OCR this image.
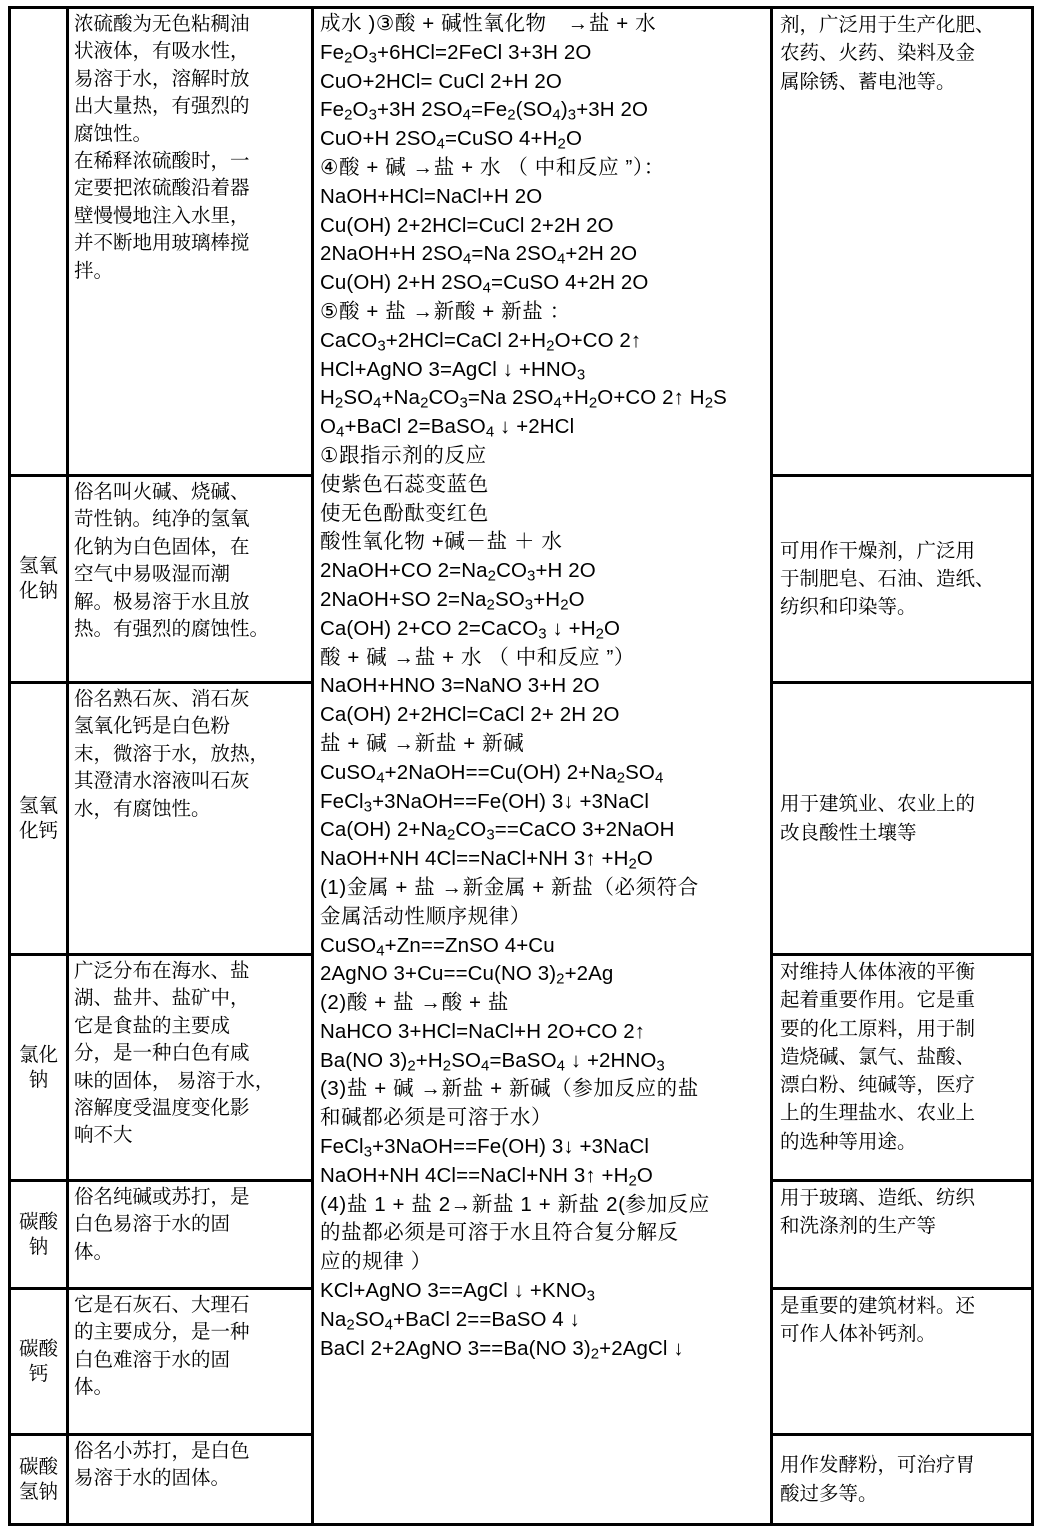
氢氧
化钠
氢氧
化钙
氯化
钠
碳酸
钠
碳酸
钙
碳酸
氢钠
浓硫酸为无色粘稠油
状液体，有吸水性，
易溶于水，溶解时放
出大量热，有强烈的
腐蚀性。
在稀释浓硫酸时，一
定要把浓硫酸沿着器
壁慢慢地注入水里，
并不断地用玻璃棒搅
拌。
俗名叫火碱、烧碱、
苛性钠。纯净的氢氧
化钠为白色固体，在
空气中易吸湿而潮
解。极易溶于水且放
热。有强烈的腐蚀性。
俗名熟石灰、消石灰
氢氧化钙是白色粉
末，微溶于水，放热，
其澄清水溶液叫石灰
水，有腐蚀性。
广泛分布在海水、盐
湖、盐井、盐矿中，
它是食盐的主要成
分，是一种白色有咸
味的固体， 易溶于水，
溶解度受温度变化影
响不大
俗名纯碱或苏打，是
白色易溶于水的固
体。
它是石灰石、大理石
的主要成分，是一种
白色难溶于水的固
体。
俗名小苏打，是白色
易溶于水的固体。
成水 )③酸 + 碱性氧化物　→盐 + 水
$Fe_2O_3+6HCl=2FeCl$ 3+3H 2O
CuO+2HCl= CuCl 2+H 2O
$Fe_2O_3+3H$ $2SO_4=Fe_2(SO_4)_3+3H$ 2O
CuO+H $2SO_4=CuSO$ $4+H_2O$
④酸 + 碱 →盐 + 水 （ 中和反应 ”）：
NaOH+HCl=NaCl+H 2O
Cu(OH) 2+2HCl=CuCl 2+2H 2O
2NaOH+H $2SO_4=Na$ $2SO_4+2H$ 2O
Cu(OH) 2+H $2SO_4=CuSO$ 4+2H 2O
⑤酸 + 盐 →新酸 + 新盐 ：
CaCO$_3$+2HCl=CaCl $2+H_2O+CO$ 2↑
HCl+AgNO 3=AgCl ↓ $+HNO_3$
$H_2SO_4+Na_2CO_3=Na$ $2SO_4+H_2O+CO$ 2↑ $H_2S$
$O_4+BaCl$ 2=BaSO$_4$ ↓ +2HCl
①跟指示剂的反应
使紫色石蕊变蓝色
使无色酚酞变红色
酸性氧化物 +碱－盐 ＋ 水
2NaOH+CO $2=Na_2CO_3+H$ 2O
2NaOH+SO $2=Na_2SO_3+H_2O$
Ca(OH) 2+CO 2=CaCO$_3$ ↓ $+H_2O$
酸 + 碱 →盐 + 水 （ 中和反应 ”）
NaOH+HNO 3=NaNO 3+H 2O
Ca(OH) 2+2HCl=CaCl 2+ 2H 2O
盐 + 碱 →新盐 + 新碱
CuSO$_4$+2NaOH==Cu(OH) $2+Na_2SO_4$
FeCl$_3$+3NaOH==Fe(OH) 3↓ +3NaCl
Ca(OH) $2+Na_2CO_3==CaCO$ 3+2NaOH
NaOH+NH 4Cl==NaCl+NH 3↑ $+H_2O$
(1)金属 + 盐 →新金属 + 新盐（必须符合
金属活动性顺序规律）
CuSO$_4$+Zn==ZnSO 4+Cu
2AgNO 3+Cu==Cu(NO $3)_2+2Ag$
(2)酸 + 盐 →酸 + 盐
NaHCO 3+HCl=NaCl+H 2O+CO 2↑
Ba(NO $3)_2+H_2SO_4=BaSO_4$ ↓ $+2HNO_3$
(3)盐 + 碱 →新盐 + 新碱（参加反应的盐
和碱都必须是可溶于水）
FeCl$_3$+3NaOH==Fe(OH) 3↓ +3NaCl
NaOH+NH 4Cl==NaCl+NH 3↑ $+H_2O$
(4)盐 1 + 盐 2→新盐 1 + 新盐 2(参加反应
的盐都必须是可溶于水且符合复分解反
应的规律 ）
KCl+AgNO 3==AgCl ↓ $+KNO_3$
$Na_2SO_4+BaCl$ 2==BaSO 4 ↓
BaCl 2+2AgNO 3==Ba(NO $3)_2+2AgCl$ ↓
剂，广泛用于生产化肥、
农药、火药、染料及金
属除锈、蓄电池等。
可用作干燥剂，广泛用
于制肥皂、石油、造纸、
纺织和印染等。
用于建筑业、农业上的
改良酸性土壤等
对维持人体体液的平衡
起着重要作用。它是重
要的化工原料，用于制
造烧碱、氯气、盐酸、
漂白粉、纯碱等，医疗
上的生理盐水、农业上
的选种等用途。
用于玻璃、造纸、纺织
和洗涤剂的生产等
是重要的建筑材料。还
可作人体补钙剂。
用作发酵粉，可治疗胃
酸过多等。
